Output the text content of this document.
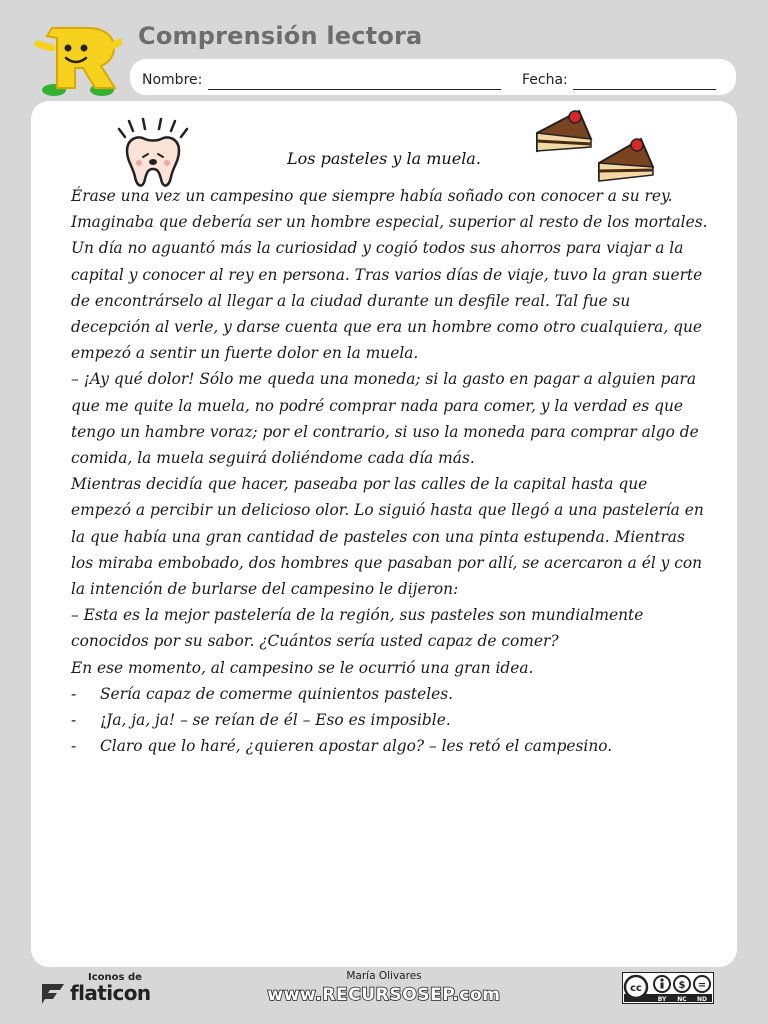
Comprensión lectora
Nombre:	Fecha:
Los pasteles y la muela.

Érase una vez un campesino que siempre había soñado con conocer a su rey. Imaginaba que debería ser un hombre especial, superior al resto de los mortales.

Un día no aguantó más la curiosidad y cogió todos sus ahorros para viajar a la capital y conocer al rey en persona. Tras varios días de viaje, tuvo la gran suerte de encontrárselo al llegar a la ciudad durante un desfile real. Tal fue su decepción al verle, y darse cuenta que era un hombre como otro cualquiera, que empezó a sentir un fuerte dolor en la muela.

– ¡Ay qué dolor! Sólo me queda una moneda; si la gasto en pagar a alguien para que me quite la muela, no podré comprar nada para comer, y la verdad es que tengo un hambre voraz; por el contrario, si uso la moneda para comprar algo de comida, la muela seguirá doliéndome cada día más.

Mientras decidía que hacer, paseaba por las calles de la capital hasta que empezó a percibir un delicioso olor. Lo siguió hasta que llegó a una pastelería en la que había una gran cantidad de pasteles con una pinta estupenda. Mientras los miraba embobado, dos hombres que pasaban por allí, se acercaron a él y con la intención de burlarse del campesino le dijeron:

– Esta es la mejor pastelería de la región, sus pasteles son mundialmente conocidos por su sabor. ¿Cuántos sería usted capaz de comer?

En ese momento, al campesino se le ocurrió una gran idea.

-	Sería capaz de comerme quinientos pasteles.
-	¡Ja, ja, ja! – se reían de él – Eso es imposible.
-	Claro que lo haré, ¿quieren apostar algo? – les retó el campesino.
Iconos de
flaticon
María Olivares
www.RECURSOSEP.com	cc	$ =
BY NC ND
